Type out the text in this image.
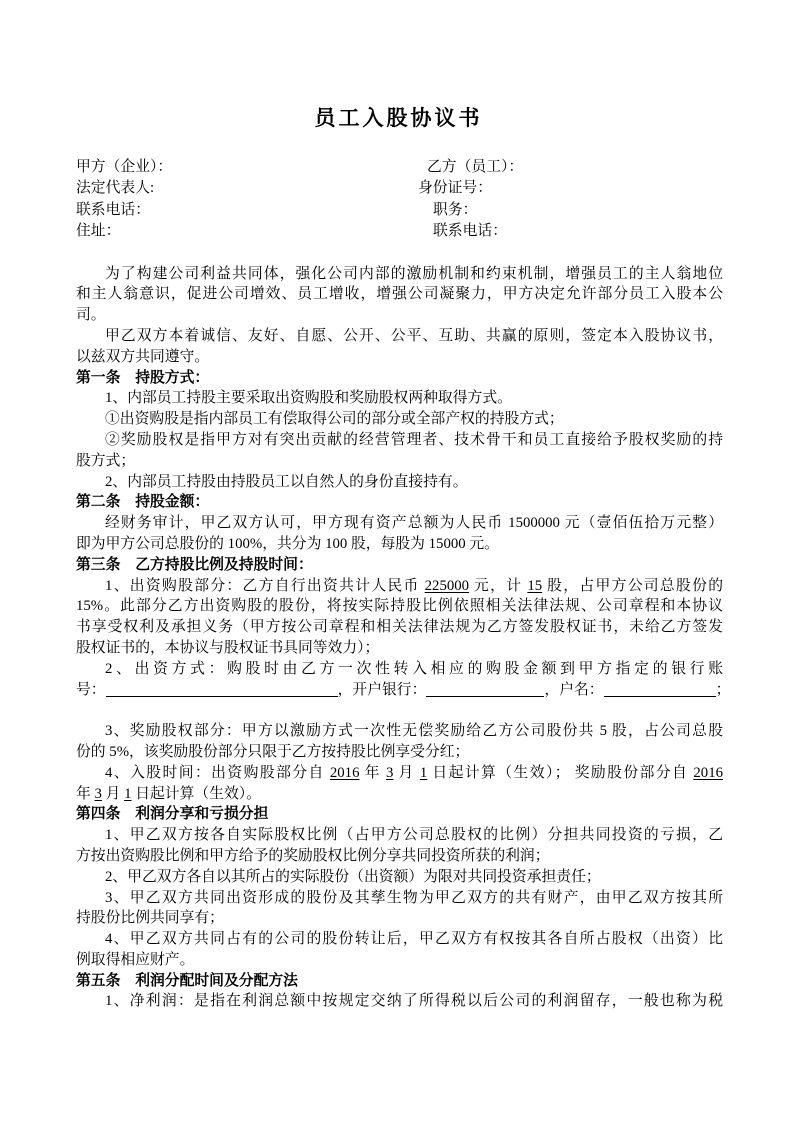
员工入股协议书
甲方（企业）：	乙方（员工）：
法定代表人:	身份证号：
联系电话：	职务：
住址：	联系电话：
为了构建公司利益共同体，强化公司内部的激励机制和约束机制，增强员工的主人翁地位
和主人翁意识，促进公司增效、员工增收，增强公司凝聚力，甲方决定允许部分员工入股本公
司。
甲乙双方本着诚信、友好、自愿、公开、公平、互助、共赢的原则，签定本入股协议书，
以兹双方共同遵守。
第一条　持股方式：
1、内部员工持股主要采取出资购股和奖励股权两种取得方式。
①出资购股是指内部员工有偿取得公司的部分或全部产权的持股方式；
②奖励股权是指甲方对有突出贡献的经营管理者、技术骨干和员工直接给予股权奖励的持
股方式；
2、内部员工持股由持股员工以自然人的身份直接持有。
第二条　持股金额：
经财务审计，甲乙双方认可，甲方现有资产总额为人民币 1500000 元（壹佰伍拾万元整）
即为甲方公司总股份的 100%，共分为 100 股，每股为 15000 元。
第三条　乙方持股比例及持股时间：
1、出资购股部分：乙方自行出资共计人民币 225000 元，计 15 股，占甲方公司总股份的
15%。此部分乙方出资购股的股份，将按实际持股比例依照相关法律法规、公司章程和本协议
书享受权利及承担义务（甲方按公司章程和相关法律法规为乙方签发股权证书，未给乙方签发
股权证书的，本协议与股权证书具同等效力）；
2、出资方式：购股时由乙方一次性转入相应的购股金额到甲方指定的银行账
号：	，开户银行：	，户名：	；
3、奖励股权部分：甲方以激励方式一次性无偿奖励给乙方公司股份共 5 股，占公司总股
份的 5%，该奖励股份部分只限于乙方按持股比例享受分红；
4、入股时间：出资购股部分自 2016 年 3 月 1 日起计算（生效）； 奖励股份部分自 2016
年 3 月 1 日起计算（生效）。
第四条　利润分享和亏损分担
1、甲乙双方按各自实际股权比例（占甲方公司总股权的比例）分担共同投资的亏损，乙
方按出资购股比例和甲方给予的奖励股权比例分享共同投资所获的利润；
2、甲乙双方各自以其所占的实际股份（出资额）为限对共同投资承担责任；
3、甲乙双方共同出资形成的股份及其孳生物为甲乙双方的共有财产，由甲乙双方按其所
持股份比例共同享有；
4、甲乙双方共同占有的公司的股份转让后，甲乙双方有权按其各自所占股权（出资）比
例取得相应财产。
第五条　利润分配时间及分配方法
1、净利润：是指在利润总额中按规定交纳了所得税以后公司的利润留存，一般也称为税
